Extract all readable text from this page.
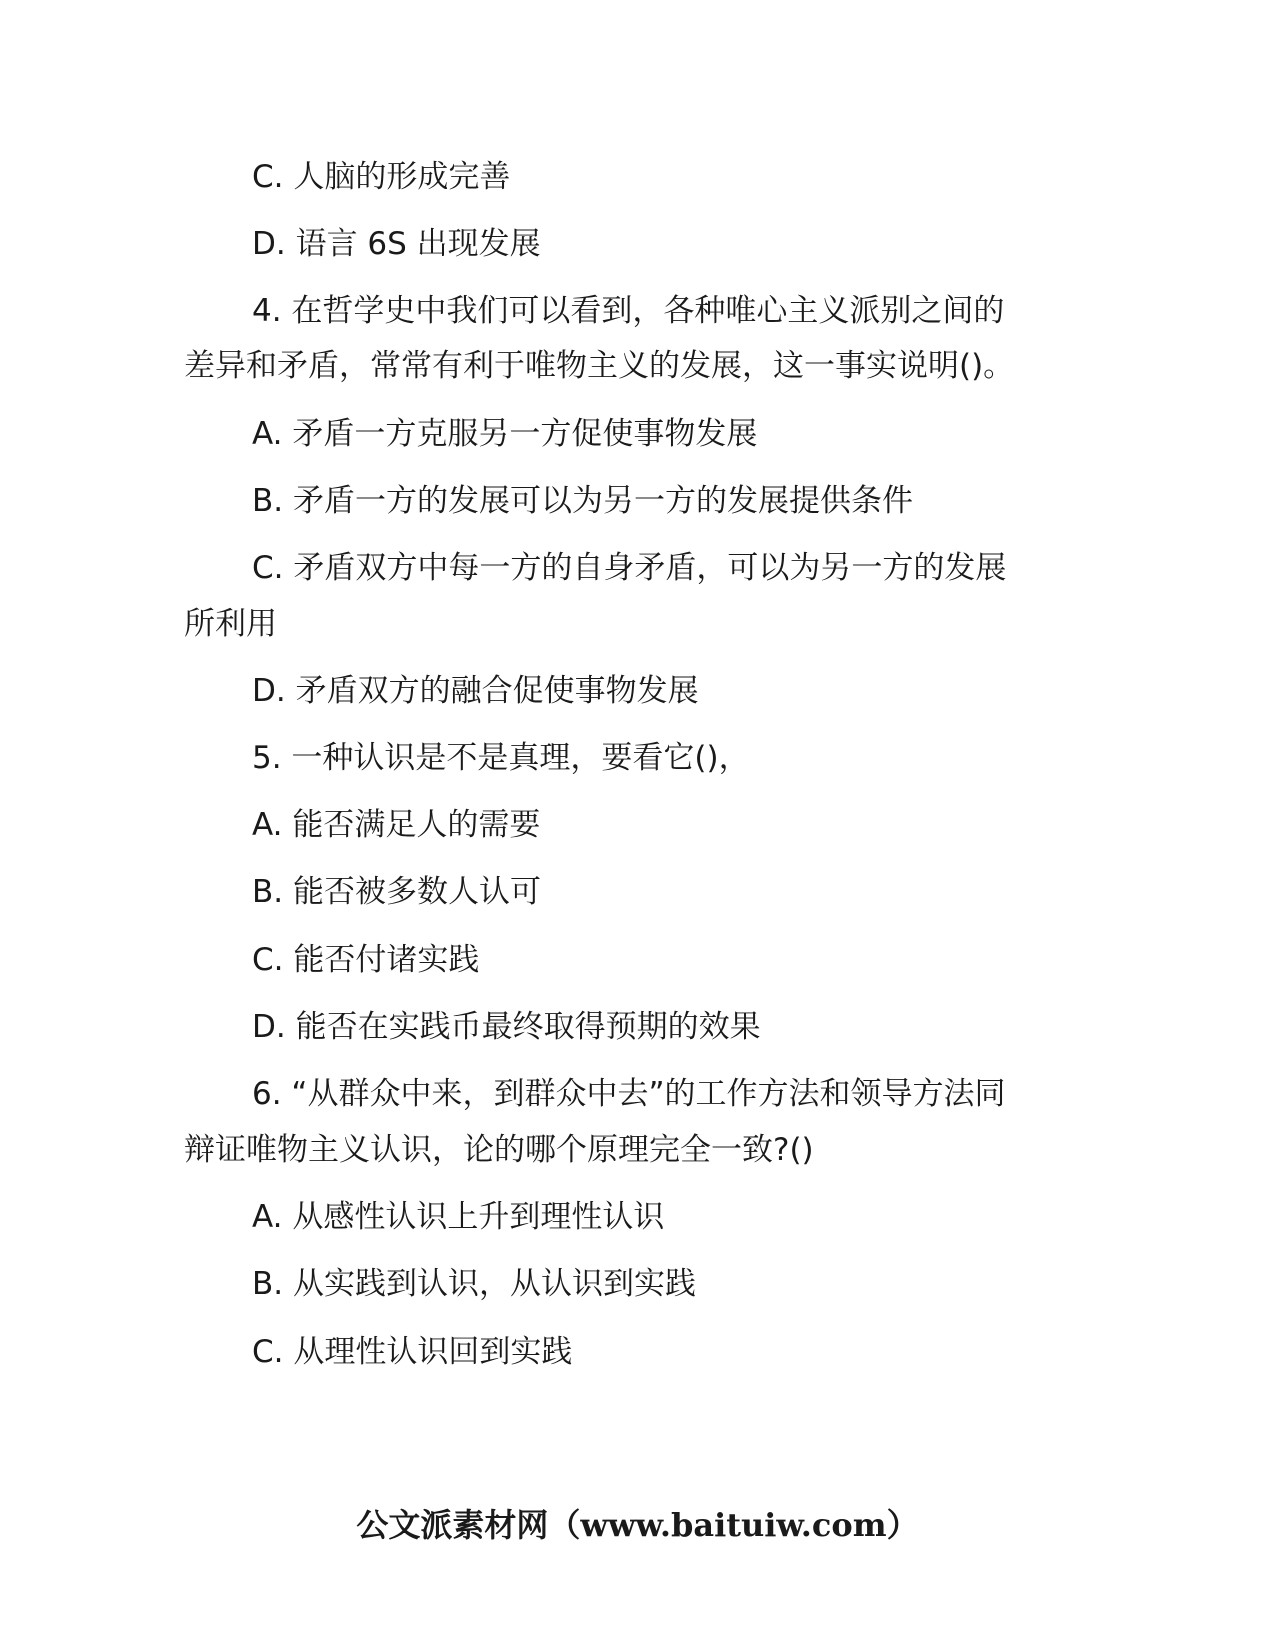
C. 人脑的形成完善
D. 语言 6S 出现发展
4. 在哲学史中我们可以看到，各种唯心主义派别之间的
差异和矛盾，常常有利于唯物主义的发展，这一事实说明()。
A. 矛盾一方克服另一方促使事物发展
B. 矛盾一方的发展可以为另一方的发展提供条件
C. 矛盾双方中每一方的自身矛盾，可以为另一方的发展
所利用
D. 矛盾双方的融合促使事物发展
5. 一种认识是不是真理，要看它()，
A. 能否满足人的需要
B. 能否被多数人认可
C. 能否付诸实践
D. 能否在实践币最终取得预期的效果
6. “从群众中来，到群众中去”的工作方法和领导方法同
辩证唯物主义认识，论的哪个原理完全一致?()
A. 从感性认识上升到理性认识
B. 从实践到认识，从认识到实践
C. 从理性认识回到实践
公文派素材网（www.baituiw.com）
